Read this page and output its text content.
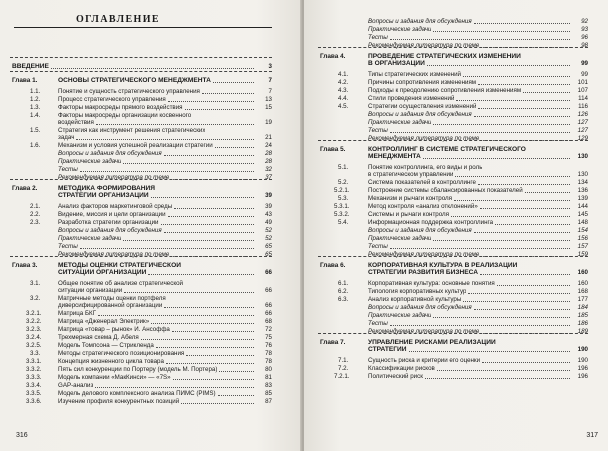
ОГЛАВЛЕНИЕ
316
ВВЕДЕНИЕ	3
Глава 1.	ОСНОВЫ СТРАТЕГИЧЕСКОГО МЕНЕДЖМЕНТА	7
1.1.	Понятие и сущность стратегического управления	7
1.2.	Процесс стратегического управления	13
1.3.	Факторы макросреды прямого воздействия	15
1.4.	Факторы макросреды организации косвенного
воздействия	19
1.5.	Стратегия как инструмент решения стратегических
задач	21
1.6.	Механизм и условия успешной реализации стратегии	24
Вопросы и задания для обсуждения	28
Практические задачи	28
Тесты	32
Рекомендуемая литература по теме	37
Глава 2.	МЕТОДИКА ФОРМИРОВАНИЯ
СТРАТЕГИИ ОРГАНИЗАЦИИ	39
2.1.	Анализ факторов маркетинговой среды	39
2.2.	Видение, миссия и цели организации	43
2.3.	Разработка стратегии организации	49
Вопросы и задания для обсуждения	52
Практические задачи	52
Тесты	65
Рекомендуемая литература по теме	65
Глава 3.	МЕТОДЫ ОЦЕНКИ СТРАТЕГИЧЕСКОЙ
СИТУАЦИИ ОРГАНИЗАЦИИ	66
3.1.	Общее понятие об анализе стратегической
ситуации организации	66
3.2.	Матричные методы оценки портфеля
диверсифицированной организации	66
3.2.1.	Матрица БКГ	66
3.2.2.	Матрица «Дженерал Электрик»	68
3.2.3.	Матрица «товар – рынок» И. Ансоффа	72
3.2.4.	Трехмерная схема Д. Абеля	75
3.2.5.	Модель Томпсона — Стрикленда	76
3.3.	Методы стратегического позиционирования	78
3.3.1.	Концепция жизненного цикла товара	78
3.3.2.	Пять сил конкуренции по Портеру (модель М. Портера)	80
3.3.3.	Модель компании «МакКинси» — «7S»	81
3.3.4.	GAP-анализ	83
3.3.5.	Модель делового комплексного анализа ПИМС (PIMS)	85
3.3.6.	Изучение профиля конкурентных позиций	87
317
Вопросы и задания для обсуждения	92
Практические задачи	93
Тесты	96
Рекомендуемая литература по теме	98
Глава 4.	ПРОВЕДЕНИЕ СТРАТЕГИЧЕСКИХ ИЗМЕНЕНИЙ
В ОРГАНИЗАЦИИ	99
4.1.	Типы стратегических изменений	99
4.2.	Причины сопротивления изменениям	101
4.3.	Подходы к преодолению сопротивления изменениям	107
4.4.	Стили проведения изменений	114
4.5.	Стратегии осуществления изменений	116
Вопросы и задания для обсуждения	126
Практические задачи	127
Тесты	127
Рекомендуемая литература по теме	129
Глава 5.	КОНТРОЛЛИНГ В СИСТЕМЕ СТРАТЕГИЧЕСКОГО
МЕНЕДЖМЕНТА	130
5.1.	Понятие контроллинга, его виды и роль
в стратегическом управлении	130
5.2.	Система показателей в контроллинге	134
5.2.1.	Построение системы сбалансированных показателей	136
5.3.	Механизм и рычаги контроля	139
5.3.1.	Метод контроля «анализ отклонений»	144
5.3.2.	Системы и рычаги контроля	145
5.4.	Информационная поддержка контроллинга	148
Вопросы и задания для обсуждения	154
Практические задачи	156
Тесты	157
Рекомендуемая литература по теме	159
Глава 6.	КОРПОРАТИВНАЯ КУЛЬТУРА В РЕАЛИЗАЦИИ
СТРАТЕГИИ РАЗВИТИЯ БИЗНЕСА	160
6.1.	Корпоративная культура: основные понятия	160
6.2.	Типология корпоративных культур	168
6.3.	Анализ корпоративной культуры	177
Вопросы и задания для обсуждения	184
Практические задачи	185
Тесты	186
Рекомендуемая литература по теме	189
Глава 7.	УПРАВЛЕНИЕ РИСКАМИ РЕАЛИЗАЦИИ
СТРАТЕГИИ	190
7.1.	Сущность риска и критерии его оценки	190
7.2.	Классификации рисков	196
7.2.1.	Политический риск	196
